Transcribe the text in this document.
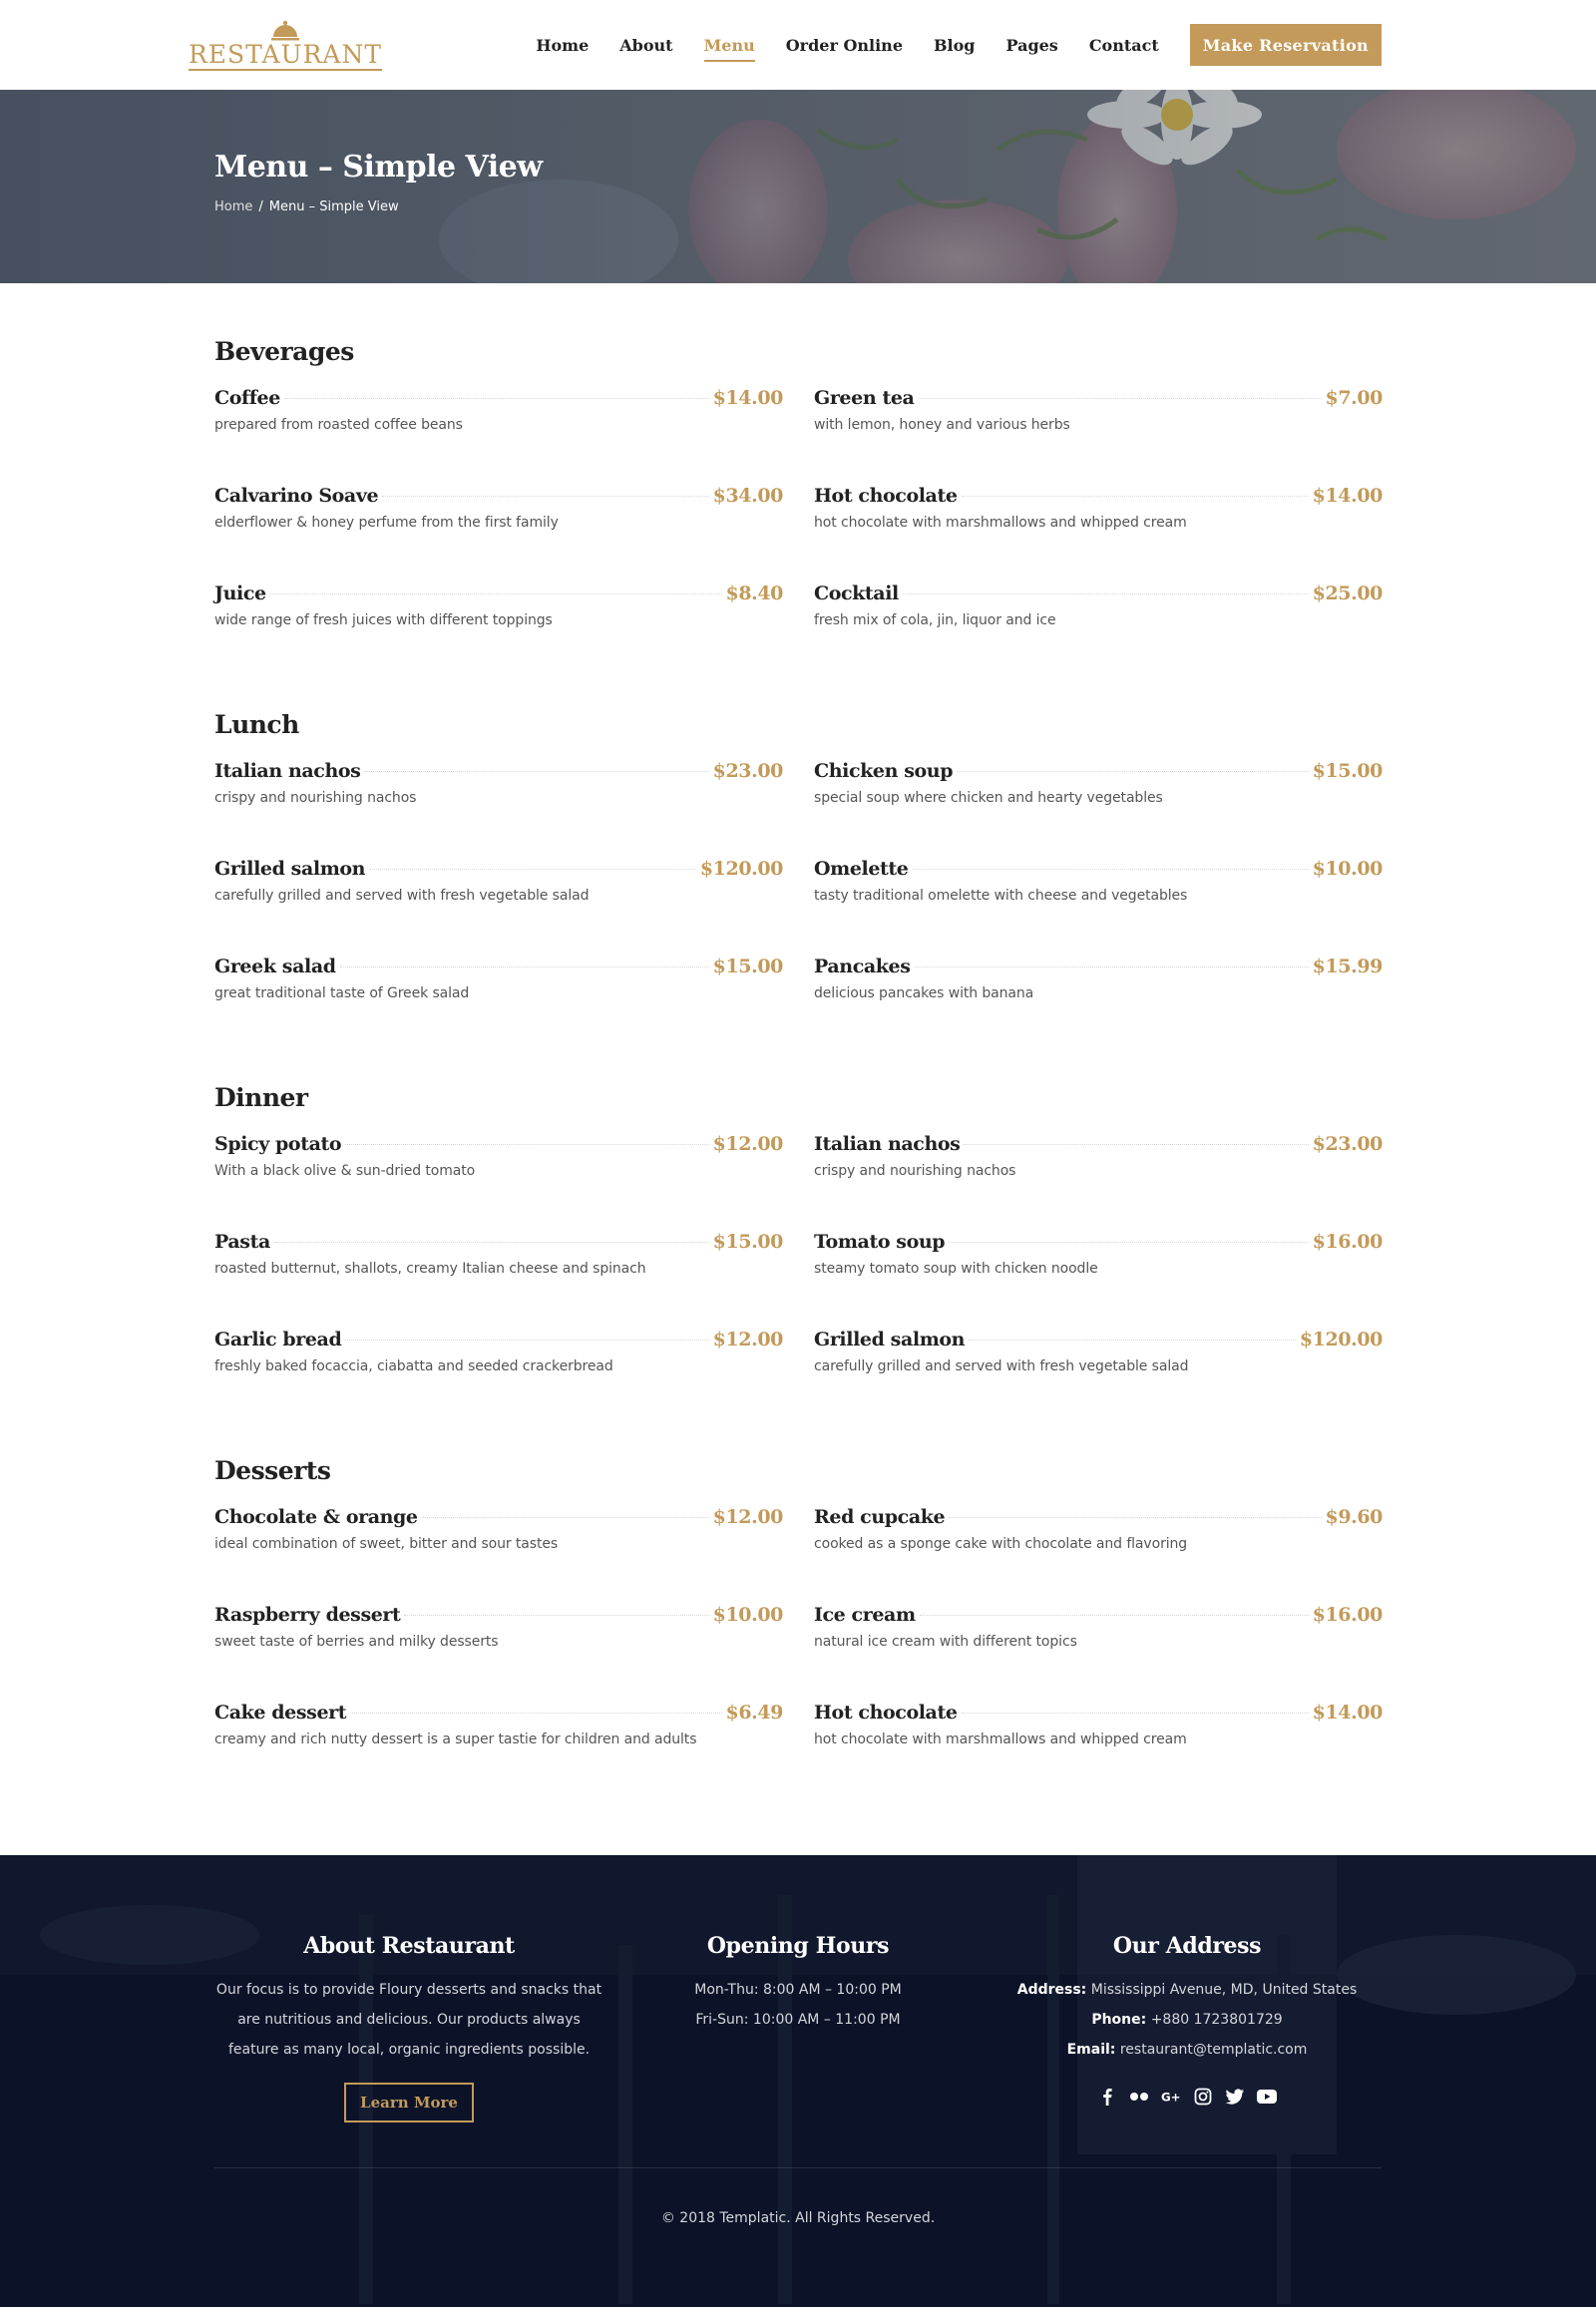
RESTAURANT	Home About Menu Order Online Blog Pages Contact	Make Reservation
Menu – Simple View
Home / Menu – Simple View
Beverages
Coffee	$14.00
prepared from roasted coffee beans
Green tea	$7.00
with lemon, honey and various herbs
Calvarino Soave	$34.00
elderflower & honey perfume from the first family
Hot chocolate	$14.00
hot chocolate with marshmallows and whipped cream
Juice	$8.40
wide range of fresh juices with different toppings
Cocktail	$25.00
fresh mix of cola, jin, liquor and ice
Lunch
Italian nachos	$23.00
crispy and nourishing nachos
Chicken soup	$15.00
special soup where chicken and hearty vegetables
Grilled salmon	$120.00
carefully grilled and served with fresh vegetable salad
Omelette	$10.00
tasty traditional omelette with cheese and vegetables
Greek salad	$15.00
great traditional taste of Greek salad
Pancakes	$15.99
delicious pancakes with banana
Dinner
Spicy potato	$12.00
With a black olive & sun-dried tomato
Italian nachos	$23.00
crispy and nourishing nachos
Pasta	$15.00
roasted butternut, shallots, creamy Italian cheese and spinach
Tomato soup	$16.00
steamy tomato soup with chicken noodle
Garlic bread	$12.00
freshly baked focaccia, ciabatta and seeded crackerbread
Grilled salmon	$120.00
carefully grilled and served with fresh vegetable salad
Desserts
Chocolate & orange	$12.00
ideal combination of sweet, bitter and sour tastes
Red cupcake	$9.60
cooked as a sponge cake with chocolate and flavoring
Raspberry dessert	$10.00
sweet taste of berries and milky desserts
Ice cream	$16.00
natural ice cream with different topics
Cake dessert	$6.49
creamy and rich nutty dessert is a super tastie for children and adults
Hot chocolate	$14.00
hot chocolate with marshmallows and whipped cream
About Restaurant

Our focus is to provide Floury desserts and snacks that are nutritious and delicious. Our products always feature as many local, organic ingredients possible.

Learn More
Opening Hours
Mon-Thu: 8:00 AM – 10:00 PM
Fri-Sun: 10:00 AM – 11:00 PM
Our Address
Address: Mississippi Avenue, MD, United States
Phone: +880 1723801729
Email: restaurant@templatic.com
G+
© 2018 Templatic. All Rights Reserved.
